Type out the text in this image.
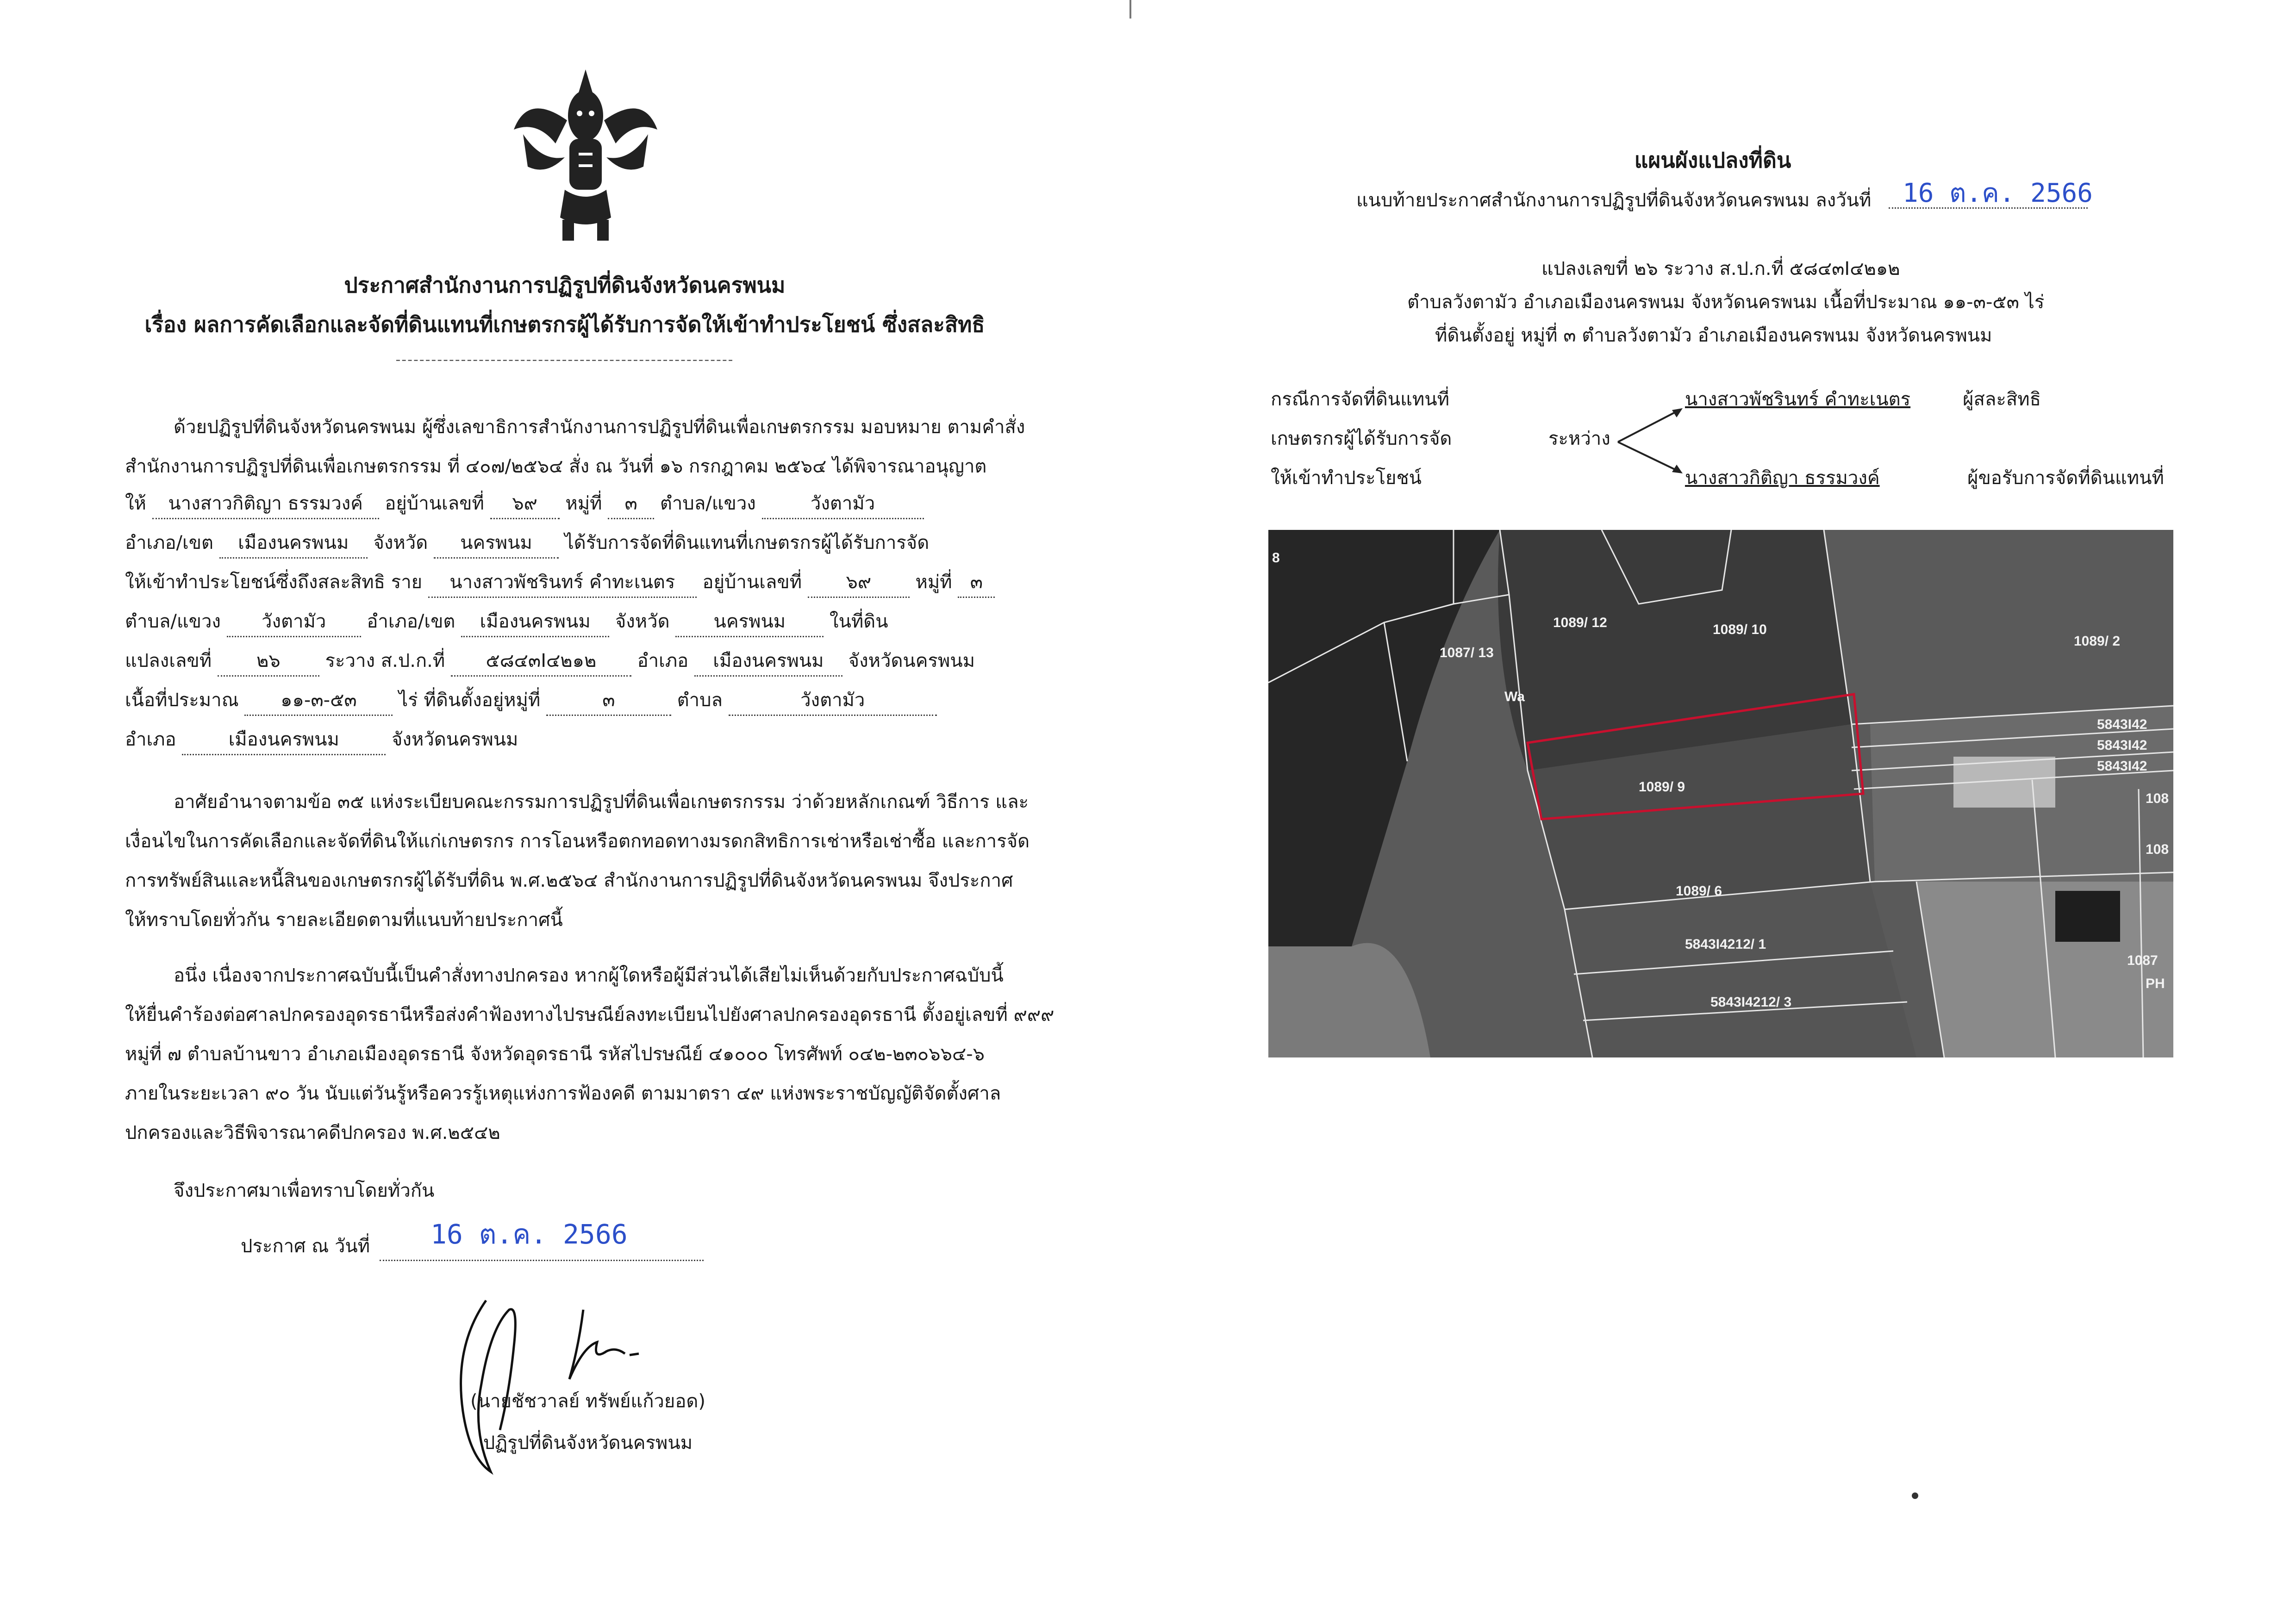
ประกาศสำนักงานการปฏิรูปที่ดินจังหวัดนครพนม
เรื่อง ผลการคัดเลือกและจัดที่ดินแทนที่เกษตรกรผู้ได้รับการจัดให้เข้าทำประโยชน์ ซึ่งสละสิทธิ
---------------------------------------------------------
ด้วยปฏิรูปที่ดินจังหวัดนครพนม ผู้ซึ่งเลขาธิการสำนักงานการปฏิรูปที่ดินเพื่อเกษตรกรรม มอบหมาย ตามคำสั่ง
สำนักงานการปฏิรูปที่ดินเพื่อเกษตรกรรม ที่ ๔๐๗/๒๕๖๔ สั่ง ณ วันที่ ๑๖ กรกฎาคม ๒๕๖๔ ได้พิจารณาอนุญาต
ให้ นางสาวกิติญา ธรรมวงค์ อยู่บ้านเลขที่ ๖๙ หมู่ที่ ๓ ตำบล/แขวง	วังตามัว
อำเภอ/เขต เมืองนครพนม จังหวัด นครพนม ได้รับการจัดที่ดินแทนที่เกษตรกรผู้ได้รับการจัด
ให้เข้าทำประโยชน์ซึ่งถึงสละสิทธิ ราย นางสาวพัชรินทร์ คำทะเนตร อยู่บ้านเลขที่ ๖๙ หมู่ที่ ๓
ตำบล/แขวง วังตามัว อำเภอ/เขต เมืองนครพนม จังหวัด นครพนม ในที่ดิน
แปลงเลขที่ ๒๖ ระวาง ส.ป.ก.ที่ ๕๘๔๓I๔๒๑๒ อำเภอ เมืองนครพนม จังหวัดนครพนม
เนื้อที่ประมาณ ๑๑-๓-๕๓ ไร่ ที่ดินตั้งอยู่หมู่ที่	๓	ตำบล	วังตามัว
อำเภอ	เมืองนครพนม	จังหวัดนครพนม
อาศัยอำนาจตามข้อ ๓๕ แห่งระเบียบคณะกรรมการปฏิรูปที่ดินเพื่อเกษตรกรรม ว่าด้วยหลักเกณฑ์ วิธีการ และ
เงื่อนไขในการคัดเลือกและจัดที่ดินให้แก่เกษตรกร การโอนหรือตกทอดทางมรดกสิทธิการเช่าหรือเช่าซื้อ และการจัด
การทรัพย์สินและหนี้สินของเกษตรกรผู้ได้รับที่ดิน พ.ศ.๒๕๖๔ สำนักงานการปฏิรูปที่ดินจังหวัดนครพนม จึงประกาศ
ให้ทราบโดยทั่วกัน รายละเอียดตามที่แนบท้ายประกาศนี้
อนึ่ง เนื่องจากประกาศฉบับนี้เป็นคำสั่งทางปกครอง หากผู้ใดหรือผู้มีส่วนได้เสียไม่เห็นด้วยกับประกาศฉบับนี้
ให้ยื่นคำร้องต่อศาลปกครองอุดรธานีหรือส่งคำฟ้องทางไปรษณีย์ลงทะเบียนไปยังศาลปกครองอุดรธานี ตั้งอยู่เลขที่ ๙๙๙
หมู่ที่ ๗ ตำบลบ้านขาว อำเภอเมืองอุดรธานี จังหวัดอุดรธานี รหัสไปรษณีย์ ๔๑๐๐๐ โทรศัพท์ ๐๔๒-๒๓๐๖๖๔-๖
ภายในระยะเวลา ๙๐ วัน นับแต่วันรู้หรือควรรู้เหตุแห่งการฟ้องคดี ตามมาตรา ๔๙ แห่งพระราชบัญญัติจัดตั้งศาล
ปกครองและวิธีพิจารณาคดีปกครอง พ.ศ.๒๕๔๒
จึงประกาศมาเพื่อทราบโดยทั่วกัน
ประกาศ ณ วันที่ 16 ต.ค. 2566
(นายชัชวาลย์ ทรัพย์แก้วยอด)
ปฏิรูปที่ดินจังหวัดนครพนม
แผนผังแปลงที่ดิน
แนบท้ายประกาศสำนักงานการปฏิรูปที่ดินจังหวัดนครพนม ลงวันที่ 16 ต.ค. 2566
แปลงเลขที่ ๒๖ ระวาง ส.ป.ก.ที่ ๕๘๔๓I๔๒๑๒
ตำบลวังตามัว อำเภอเมืองนครพนม จังหวัดนครพนม เนื้อที่ประมาณ ๑๑-๓-๕๓ ไร่
ที่ดินตั้งอยู่ หมู่ที่ ๓ ตำบลวังตามัว อำเภอเมืองนครพนม จังหวัดนครพนม
กรณีการจัดที่ดินแทนที่
เกษตรกรผู้ได้รับการจัด
ให้เข้าทำประโยชน์
ระหว่าง
นางสาวพัชรินทร์ คำทะเนตร	ผู้สละสิทธิ
นางสาวกิติญา ธรรมวงค์	ผู้ขอรับการจัดที่ดินแทนที่
8
1089/ 12	1089/ 10
1089/ 2
1087/ 13
Wa
1089/ 9
1089/ 6
5843I4212/ 1
5843I4212/ 3
108
108
1087
5843I42
5843I42
5843I42
PH
